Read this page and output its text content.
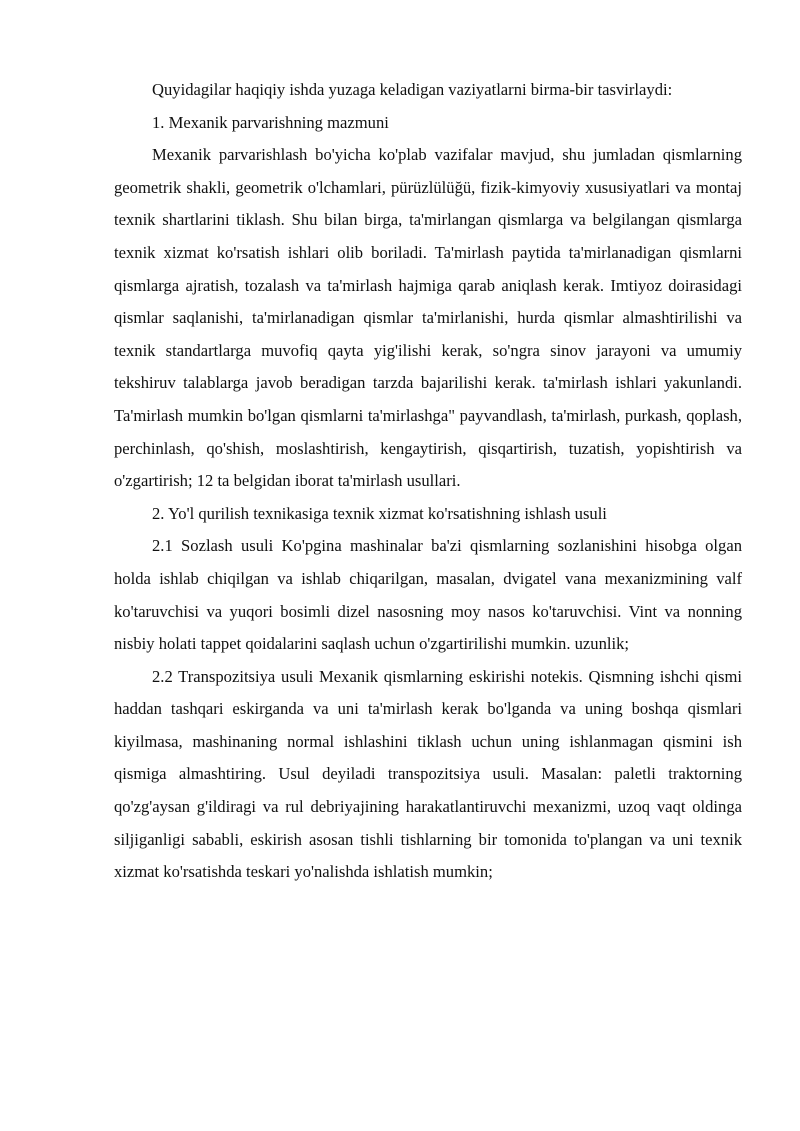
Quyidagilar haqiqiy ishda yuzaga keladigan vaziyatlarni birma-bir tasvirlaydi:

1. Mexanik parvarishning mazmuni

Mexanik parvarishlash bo'yicha ko'plab vazifalar mavjud, shu jumladan qismlarning geometrik shakli, geometrik o'lchamlari, pürüzlülüğü, fizik-kimyoviy xususiyatlari va montaj texnik shartlarini tiklash. Shu bilan birga, ta'mirlangan qismlarga va belgilangan qismlarga texnik xizmat ko'rsatish ishlari olib boriladi. Ta'mirlash paytida ta'mirlanadigan qismlarni qismlarga ajratish, tozalash va ta'mirlash hajmiga qarab aniqlash kerak. Imtiyoz doirasidagi qismlar saqlanishi, ta'mirlanadigan qismlar ta'mirlanishi, hurda qismlar almashtirilishi va texnik standartlarga muvofiq qayta yig'ilishi kerak, so'ngra sinov jarayoni va umumiy tekshiruv talablarga javob beradigan tarzda bajarilishi kerak. ta'mirlash ishlari yakunlandi. Ta'mirlash mumkin bo'lgan qismlarni ta'mirlashga" payvandlash, ta'mirlash, purkash, qoplash, perchinlash, qo'shish, moslashtirish, kengaytirish, qisqartirish, tuzatish, yopishtirish va o'zgartirish; 12 ta belgidan iborat ta'mirlash usullari.

2. Yo'l qurilish texnikasiga texnik xizmat ko'rsatishning ishlash usuli

2.1 Sozlash usuli Ko'pgina mashinalar ba'zi qismlarning sozlanishini hisobga olgan holda ishlab chiqilgan va ishlab chiqarilgan, masalan, dvigatel vana mexanizmining valf ko'taruvchisi va yuqori bosimli dizel nasosning moy nasos ko'taruvchisi. Vint va nonning nisbiy holati tappet qoidalarini saqlash uchun o'zgartirilishi mumkin. uzunlik;

2.2 Transpozitsiya usuli Mexanik qismlarning eskirishi notekis. Qismning ishchi qismi haddan tashqari eskirganda va uni ta'mirlash kerak bo'lganda va uning boshqa qismlari kiyilmasa, mashinaning normal ishlashini tiklash uchun uning ishlanmagan qismini ish qismiga almashtiring. Usul deyiladi transpozitsiya usuli. Masalan: paletli traktorning qo'zg'aysan g'ildiragi va rul debriyajining harakatlantiruvchi mexanizmi, uzoq vaqt oldinga siljiganligi sababli, eskirish asosan tishli tishlarning bir tomonida to'plangan va uni texnik xizmat ko'rsatishda teskari yo'nalishda ishlatish mumkin;
